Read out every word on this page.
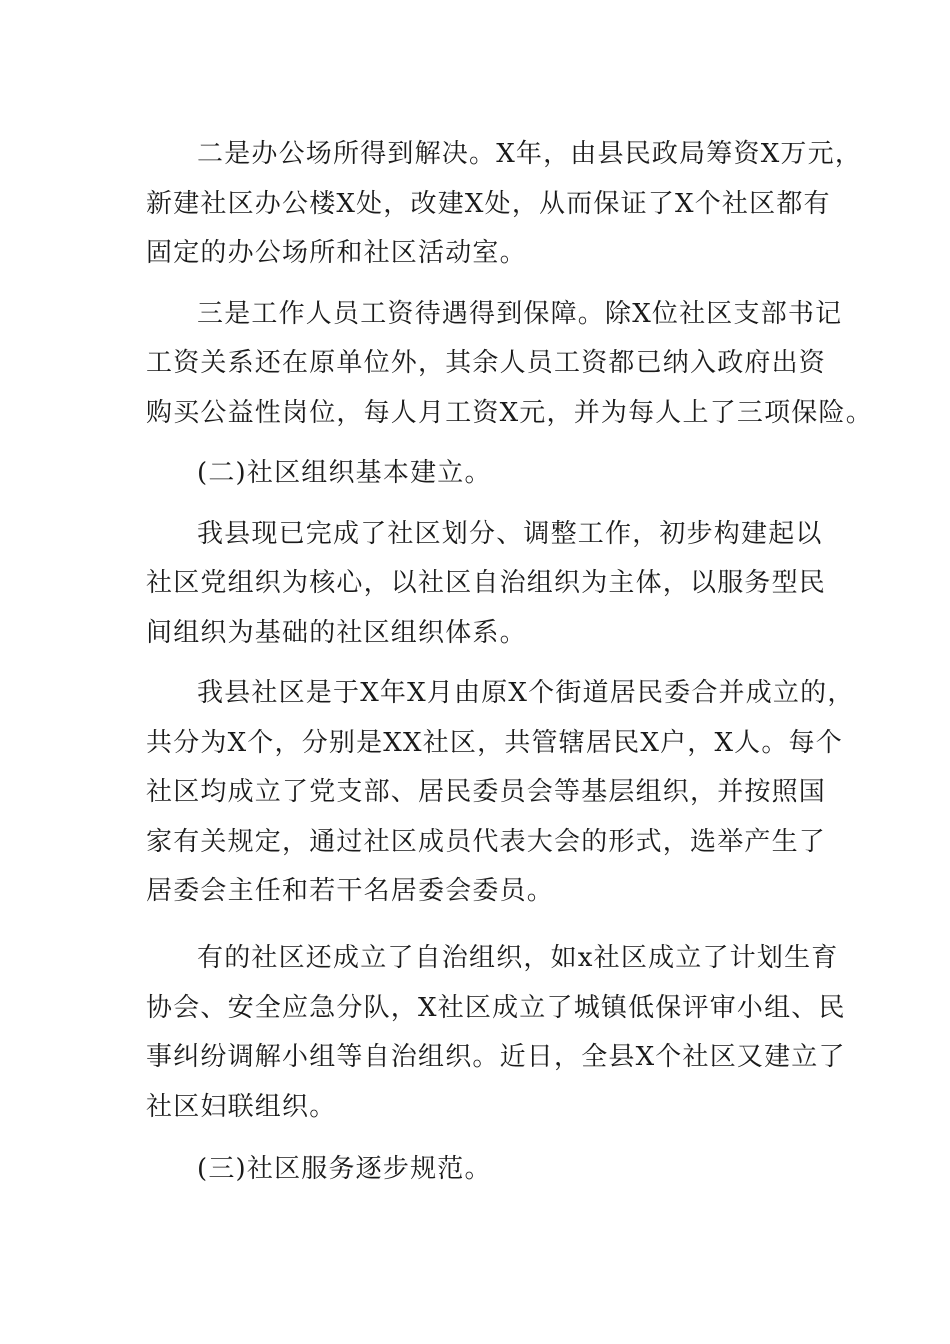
二是办公场所得到解决。X年，由县民政局筹资X万元，
新建社区办公楼X处，改建X处，从而保证了X个社区都有
固定的办公场所和社区活动室。
三是工作人员工资待遇得到保障。除X位社区支部书记
工资关系还在原单位外，其余人员工资都已纳入政府出资
购买公益性岗位，每人月工资X元，并为每人上了三项保险。
(二)社区组织基本建立。
我县现已完成了社区划分、调整工作，初步构建起以
社区党组织为核心，以社区自治组织为主体，以服务型民
间组织为基础的社区组织体系。
我县社区是于X年X月由原X个街道居民委合并成立的，
共分为X个，分别是XX社区，共管辖居民X户，X人。每个
社区均成立了党支部、居民委员会等基层组织，并按照国
家有关规定，通过社区成员代表大会的形式，选举产生了
居委会主任和若干名居委会委员。
有的社区还成立了自治组织，如x社区成立了计划生育
协会、安全应急分队，X社区成立了城镇低保评审小组、民
事纠纷调解小组等自治组织。近日，全县X个社区又建立了
社区妇联组织。
(三)社区服务逐步规范。
